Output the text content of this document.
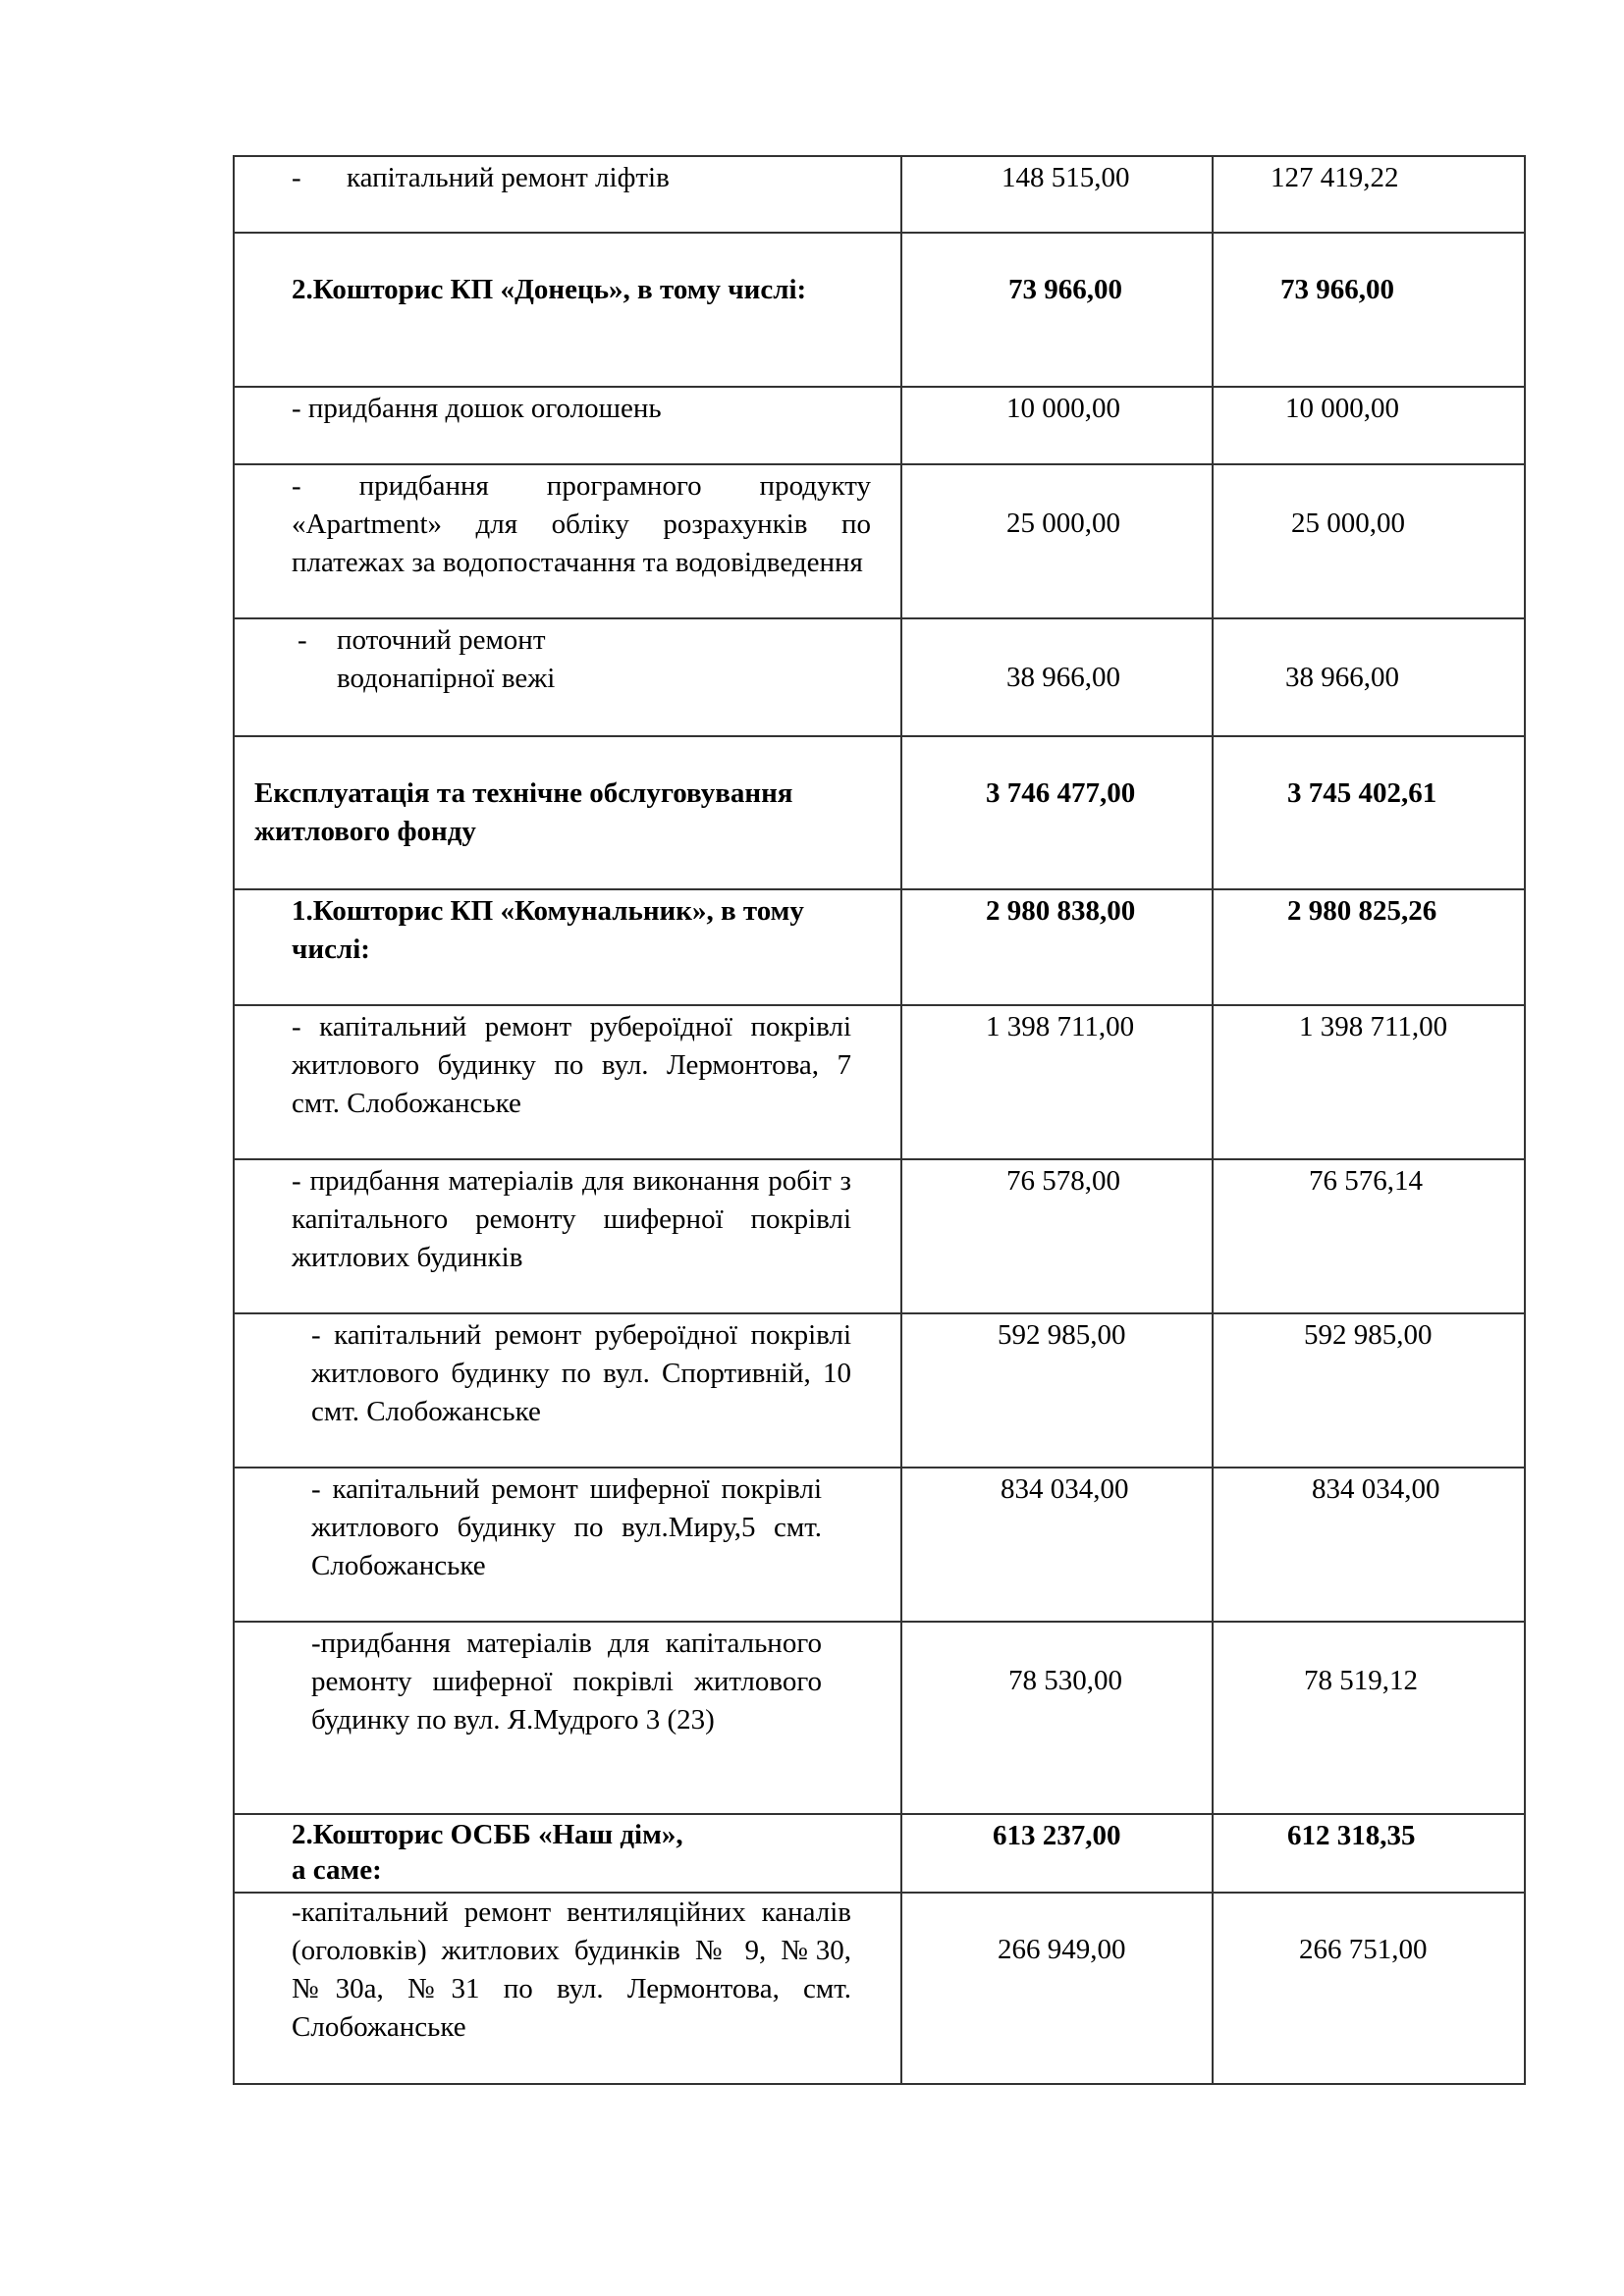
- капітальний ремонт ліфтів	148 515,00	127 419,22

2.Кошторис КП «Донець», в тому числі:	73 966,00	73 966,00

- придбання дошок оголошень	10 000,00	10 000,00

- придбання програмного продукту «Apartment» для обліку розрахунків по платежах за водопостачання та водовідведення	25 000,00	25 000,00

- поточний ремонт водонапірної вежі	38 966,00	38 966,00

Експлуатація та технічне обслуговування житлового фонду	3 746 477,00	3 745 402,61

1.Кошторис КП «Комунальник», в тому числі:	2 980 838,00	2 980 825,26

- капітальний ремонт руберoїдної покрівлі житлового будинку по вул. Лермонтова, 7 смт. Слобожанське	1 398 711,00	1 398 711,00

- придбання матеріалів для виконання робіт з капітального ремонту шиферної покрівлі житлових будинків	76 578,00	76 576,14

- капітальний ремонт руберoїдної покрівлі житлового будинку по вул. Спортивній, 10 смт. Слобожанське	592 985,00	592 985,00

- капітальний ремонт шиферної покрівлі житлового будинку по вул.Миру,5 смт. Слобожанське	834 034,00	834 034,00

-придбання матеріалів для капітального ремонту шиферної покрівлі житлового будинку по вул. Я.Мудрого 3 (23)	78 530,00	78 519,12

2.Кошторис ОСББ «Наш дім», а саме:	613 237,00	612 318,35

-капітальний ремонт вентиляційних каналів (оголовків) житлових будинків № 9, №30, №30а, №31 по вул. Лермонтова, смт. Слобожанське	266 949,00	266 751,00
